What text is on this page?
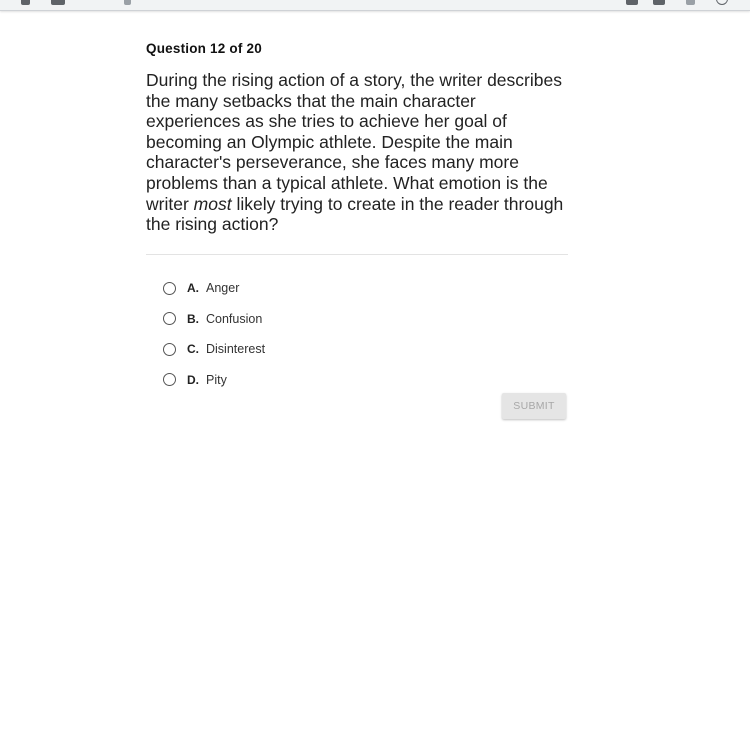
Question 12 of 20
During the rising action of a story, the writer describes the many setbacks that the main character experiences as she tries to achieve her goal of becoming an Olympic athlete. Despite the main character's perseverance, she faces many more problems than a typical athlete. What emotion is the writer most likely trying to create in the reader through the rising action?
A. Anger
B. Confusion
C. Disinterest
D. Pity
SUBMIT
